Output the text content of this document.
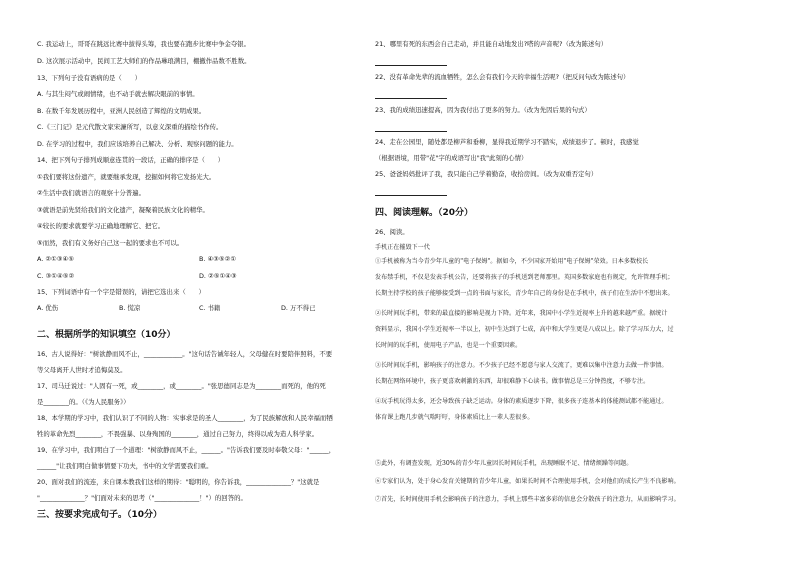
C. 我运动上，哥哥在跳远比赛中拔得头筹，我也要在跑步比赛中争金夺银。
D. 这次展示活动中，民间工艺大师们的作品琳琅满目，棚撤作品数不胜数。
13、下列句子没有语病的是（　　）
A. 与其生闷气或闹情绪，也不动手就去解决眼前的事情。
B. 在数千年发展历程中，亚洲人民创造了辉煌的文明成果。
C.《三门记》是元代散文家宋濂所写，以意义深重的描绘书作传。
D. 在学习的过程中，我们应该培养自己解决、分析、观察问题的能力。
14、把下列句子排列成顺意连贯的一段话，正确的排序是（　　）
①我们要将这份遗产，就要继承发现，挖掘如何将它发扬光大。
②生活中我们就语言的观察十分普遍。
③就语是前先贤给我们的文化遗产，凝聚着民族文化的精华。
④较长的要求就要学习正确地理解它、把它。
⑤而然，我们有义务好自己这一起的要求也不可以。
A. ②①③④⑤	B. ④③⑤②①
C. ③①④⑤②	D. ②⑤①④③
15、下列词语中有一个字是错误的，请把它选出来（　　）
A. 优伤	B. 慌凉	C. 书籍	D. 万不得已
二、根据所学的知识填空（10分）
16、古人说得好："树欲静而风不止，____________。"这句话告诫年轻人，父母健在时要陪伴照料，不要
等父母离开人世时才追悔莫及。
17、司马迁说过："人固有一死，或________，或________。"张思德同志是为________而死的，他的死
是________的。（《为人民服务》）
18、本学期的学习中，我们认识了不同的人物：实事求是的圣人________，为了民族解放和人民幸福而牺
牲的革命先烈________，不畏强暴、以身殉国的________，通过自己努力，终得以成为造人科学家。
19、在学习中，我们明白了一个道理："树欲静而风不止，______。"告诉我们要及时奉敬父母："______，
______"让我们明白做事情要下功夫，书中的文学需要我们重。
20、面对我们的流连，来自课本教我们这样的期待："聪明的，你告诉我，______________？"这就是
"______________？"们面对未来的思考（"______________！"）的回答的。
三、按要求完成句子。（10分）
21、哪里有死的东西会自己走动，并且能自动地发出?嗒的声音呢?（改为陈述句）
22、没有革命先辈的流血牺牲，怎么会有我们今天的幸福生活呢?（把反问句改为陈述句）
23、我的成绩迅速提高，因为我付出了更多的努力。（改为先因后果的句式）
24、走在公园里，随处都是柳芦和垂柳，显得我近期学习不踏实，成绩退步了。顿时，我感觉
（根据语境，用带"花"字的成语写出"我"此刻的心情）
25、爸爸妈妈批评了我，我只能自己学着勤奋，收拾房间。（改为双重否定句）
四、阅读理解。（20分）
26、阅读。
手机正在摧毁下一代
①手机被称为当今青少年儿童的"电子保姆"。据如今，不少国家开始用"电子保姆"荣效。日本多数校长
发布禁手机，不仅是发表手机公告，还要将孩子的手机送到老师那里。英国多数家庭也有规定，允许管理手机；
长期主持学校的孩子能够接受到一点的书面与家长，青少年自己的身份是在手机中，孩子们在生活中不想出来。
②长时间玩手机，带来的最直接的影响是视力下降。近年来，我国中小学生近视率上升的越来越严重。据统计
资料显示，我国小学生近视率一半以上，初中生达到了七成，高中和大学生更是八成以上。除了学习压力大，过
长时间的玩手机，使用电子产品，也是一个重要因素。
③长时间玩手机，影响孩子的注意力。不少孩子已经不愿意与家人交流了，更难以集中注意力去做一件事情。
长期在网络环境中，孩子更喜欢刺激的东西，却很难静下心读书。做事情总是三分钟热度，不够专注。
④玩手机玩得太多，还会导致孩子缺乏运动。身体的素质逐步下降，很多孩子连基本的体能测试都不能通过。
体育课上跑几步就气喘吁吁，身体素质比上一辈人差很多。
⑤此外，有调查发现，近30%的青少年儿童因长时间玩手机，出现睡眠不足、情绪烦躁等问题。
⑥专家们认为，处于身心发育关键期的青少年儿童，如果长时间不合理使用手机，会对他们的成长产生不良影响。
⑦首先，长时间使用手机会影响孩子的注意力，手机上那些丰富多彩的信息会分散孩子的注意力，从而影响学习。
